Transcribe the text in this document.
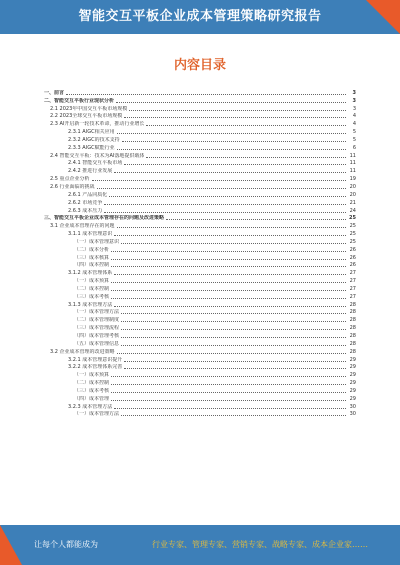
智能交互平板企业成本管理策略研究报告
内容目录
一、前言	3
二、智能交互平板行业现状分析	3
2.1 2023年中国交互平板市场规模	3
2.2 2023全球交互平板市场规模	4
2.3 AI开启新一轮技术革命，推动行业增长	4
2.3.1 AIGC相关应用	5
2.3.2 AIGC的技术支持	5
2.3.3 AIGC赋能行业	6
2.4 智能交互平板：技术为AI落地提供载体	11
2.4.1 智能交互平板市场	11
2.4.2 推进行业发展	11
2.5 重点企业分析	19
2.6 行业面临的挑战	20
2.6.1 产品同质化	20
2.6.2 市场竞争	21
2.6.3 成本压力	24
三、智能交互平板企业成本管理存在的问题及改进策略	25
3.1 企业成本管理存在的问题	25
3.1.1 成本管理意识	25
（一）成本管理意识	25
（二）成本分析	26
（三）成本核算	26
（四）成本控制	26
3.1.2 成本管理体系	27
（一）成本预算	27
（二）成本控制	27
（三）成本考核	27
3.1.3 成本管理方法	28
（一）成本管理方法	28
（二）成本管理制度	28
（三）成本管理流程	28
（四）成本管理考核	28
（五）成本管理信息	28
3.2 企业成本管理的改进策略	28
3.2.1 成本管理意识提升	29
3.2.2 成本管理体系完善	29
（一）成本预算	29
（二）成本控制	29
（三）成本考核	29
（四）成本管理	29
3.2.3 成本管理方法	30
（一）成本管理方法	30
让每个人都能成为	行业专家、管理专家、营销专家、战略专家、成本企业家……
